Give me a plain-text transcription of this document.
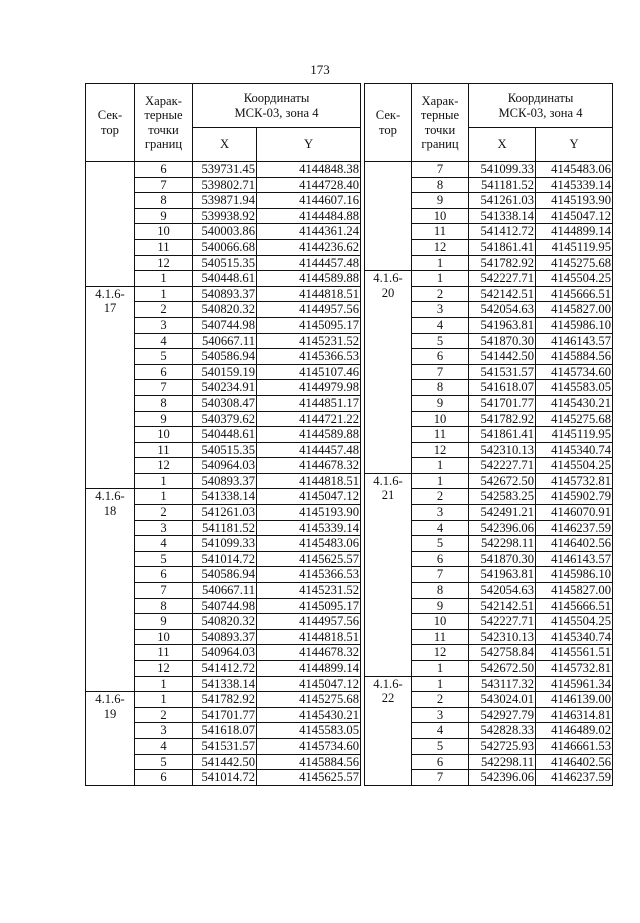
173
Сек-
тор	Харак-
терные
точки
границ	Координаты
МСК-03, зона 4	
		X	Y
	6	539731.45	4144848.38
	7	539802.71	4144728.40
	8	539871.94	4144607.16
	9	539938.92	4144484.88
	10	540003.86	4144361.24
	11	540066.68	4144236.62
	12	540515.35	4144457.48
	1	540448.61	4144589.88

4.1.6-
17	1	540893.37	4144818.51
	2	540820.32	4144957.56
	3	540744.98	4145095.17
	4	540667.11	4145231.52
	5	540586.94	4145366.53
	6	540159.19	4145107.46
	7	540234.91	4144979.98
	8	540308.47	4144851.17
	9	540379.62	4144721.22
	10	540448.61	4144589.88
	11	540515.35	4144457.48
	12	540964.03	4144678.32
	1	540893.37	4144818.51

4.1.6-
18	1	541338.14	4145047.12
	2	541261.03	4145193.90
	3	541181.52	4145339.14
	4	541099.33	4145483.06
	5	541014.72	4145625.57
	6	540586.94	4145366.53
	7	540667.11	4145231.52
	8	540744.98	4145095.17
	9	540820.32	4144957.56
	10	540893.37	4144818.51
	11	540964.03	4144678.32
	12	541412.72	4144899.14
	1	541338.14	4145047.12

4.1.6-
19	1	541782.92	4145275.68
	2	541701.77	4145430.21
	3	541618.07	4145583.05
	4	541531.57	4145734.60
	5	541442.50	4145884.56
	6	541014.72	4145625.57
Сек-
тор	Харак-
терные
точки
границ	Координаты
МСК-03, зона 4	
		X	Y
	7	541099.33	4145483.06
	8	541181.52	4145339.14
	9	541261.03	4145193.90
	10	541338.14	4145047.12
	11	541412.72	4144899.14
	12	541861.41	4145119.95
	1	541782.92	4145275.68

4.1.6-
20	1	542227.71	4145504.25
	2	542142.51	4145666.51
	3	542054.63	4145827.00
	4	541963.81	4145986.10
	5	541870.30	4146143.57
	6	541442.50	4145884.56
	7	541531.57	4145734.60
	8	541618.07	4145583.05
	9	541701.77	4145430.21
	10	541782.92	4145275.68
	11	541861.41	4145119.95
	12	542310.13	4145340.74
	1	542227.71	4145504.25

4.1.6-
21	1	542672.50	4145732.81
	2	542583.25	4145902.79
	3	542491.21	4146070.91
	4	542396.06	4146237.59
	5	542298.11	4146402.56
	6	541870.30	4146143.57
	7	541963.81	4145986.10
	8	542054.63	4145827.00
	9	542142.51	4145666.51
	10	542227.71	4145504.25
	11	542310.13	4145340.74
	12	542758.84	4145561.51
	1	542672.50	4145732.81

4.1.6-
22	1	543117.32	4145961.34
	2	543024.01	4146139.00
	3	542927.79	4146314.81
	4	542828.33	4146489.02
	5	542725.93	4146661.53
	6	542298.11	4146402.56
	7	542396.06	4146237.59
